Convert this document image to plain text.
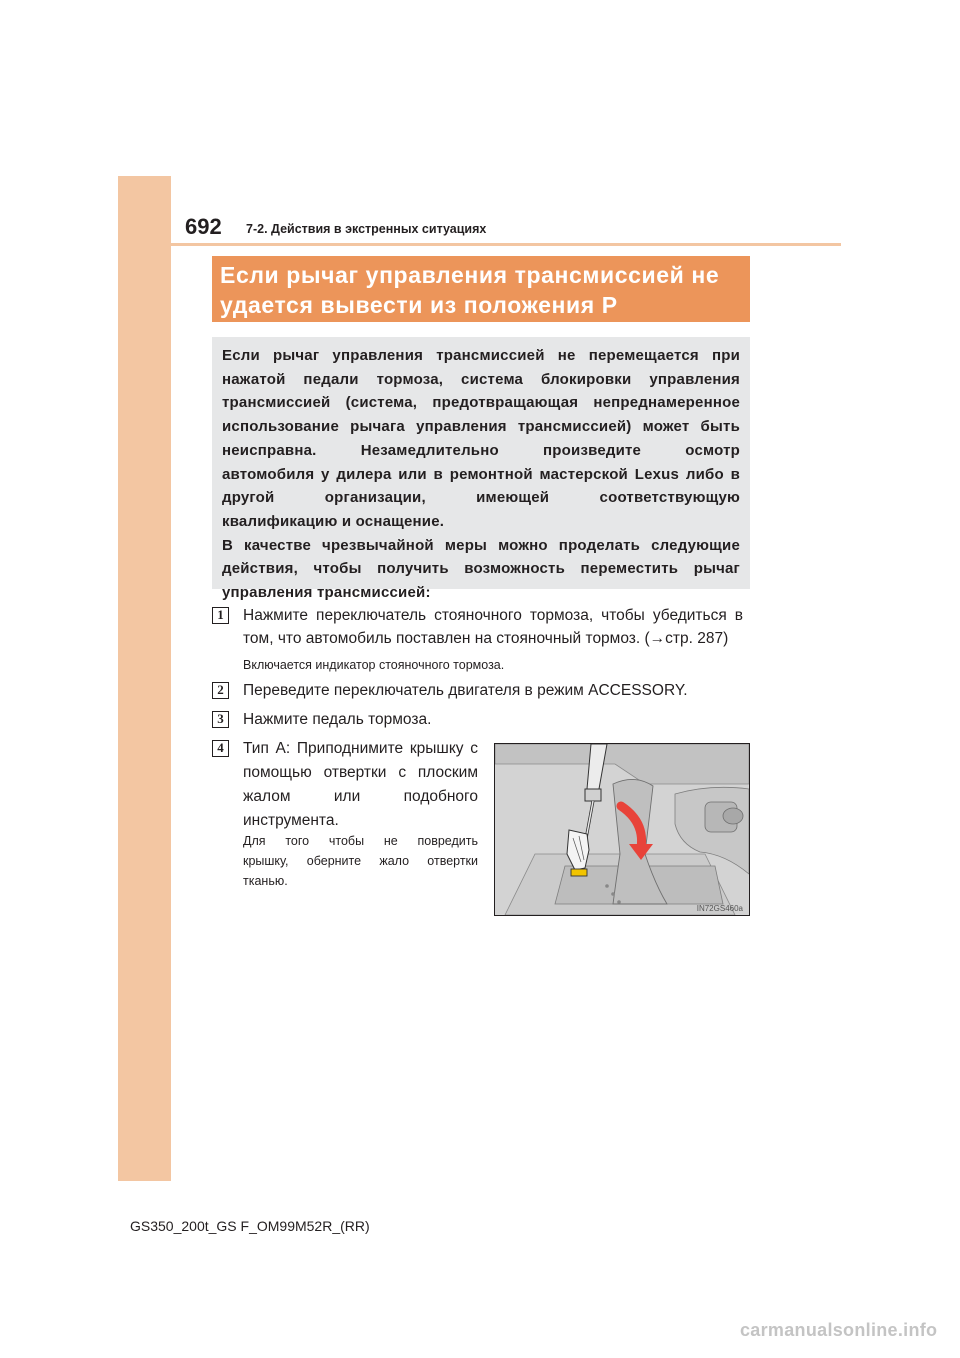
692 7-2. Действия в экстренных ситуациях
Если рычаг управления трансмиссией не
удается вывести из положения P
Если рычаг управления трансмиссией не перемещается при
нажатой педали тормоза, система блокировки управления
трансмиссией (система, предотвращающая непреднамеренное
использование рычага управления трансмиссией) может быть
неисправна. Незамедлительно произведите осмотр
автомобиля у дилера или в ремонтной мастерской Lexus либо в
другой организации, имеющей соответствующую
квалификацию и оснащение.
В качестве чрезвычайной меры можно проделать следующие
действия, чтобы получить возможность переместить рычаг
управления трансмиссией:
1	Нажмите переключатель стояночного тормоза, чтобы убедиться в
том, что автомобиль поставлен на стояночный тормоз. (→стр. 287)
Включается индикатор стояночного тормоза.
2	Переведите переключатель двигателя в режим ACCESSORY.
3	Нажмите педаль тормоза.
4	Тип A: Приподнимите крышку с
помощью отвертки с плоским
жалом или подобного
инструмента.
Для того чтобы не повредить
крышку, оберните жало отвертки
тканью.
IN72GS460a
GS350_200t_GS F_OM99M52R_(RR)
carmanualsonline.info
